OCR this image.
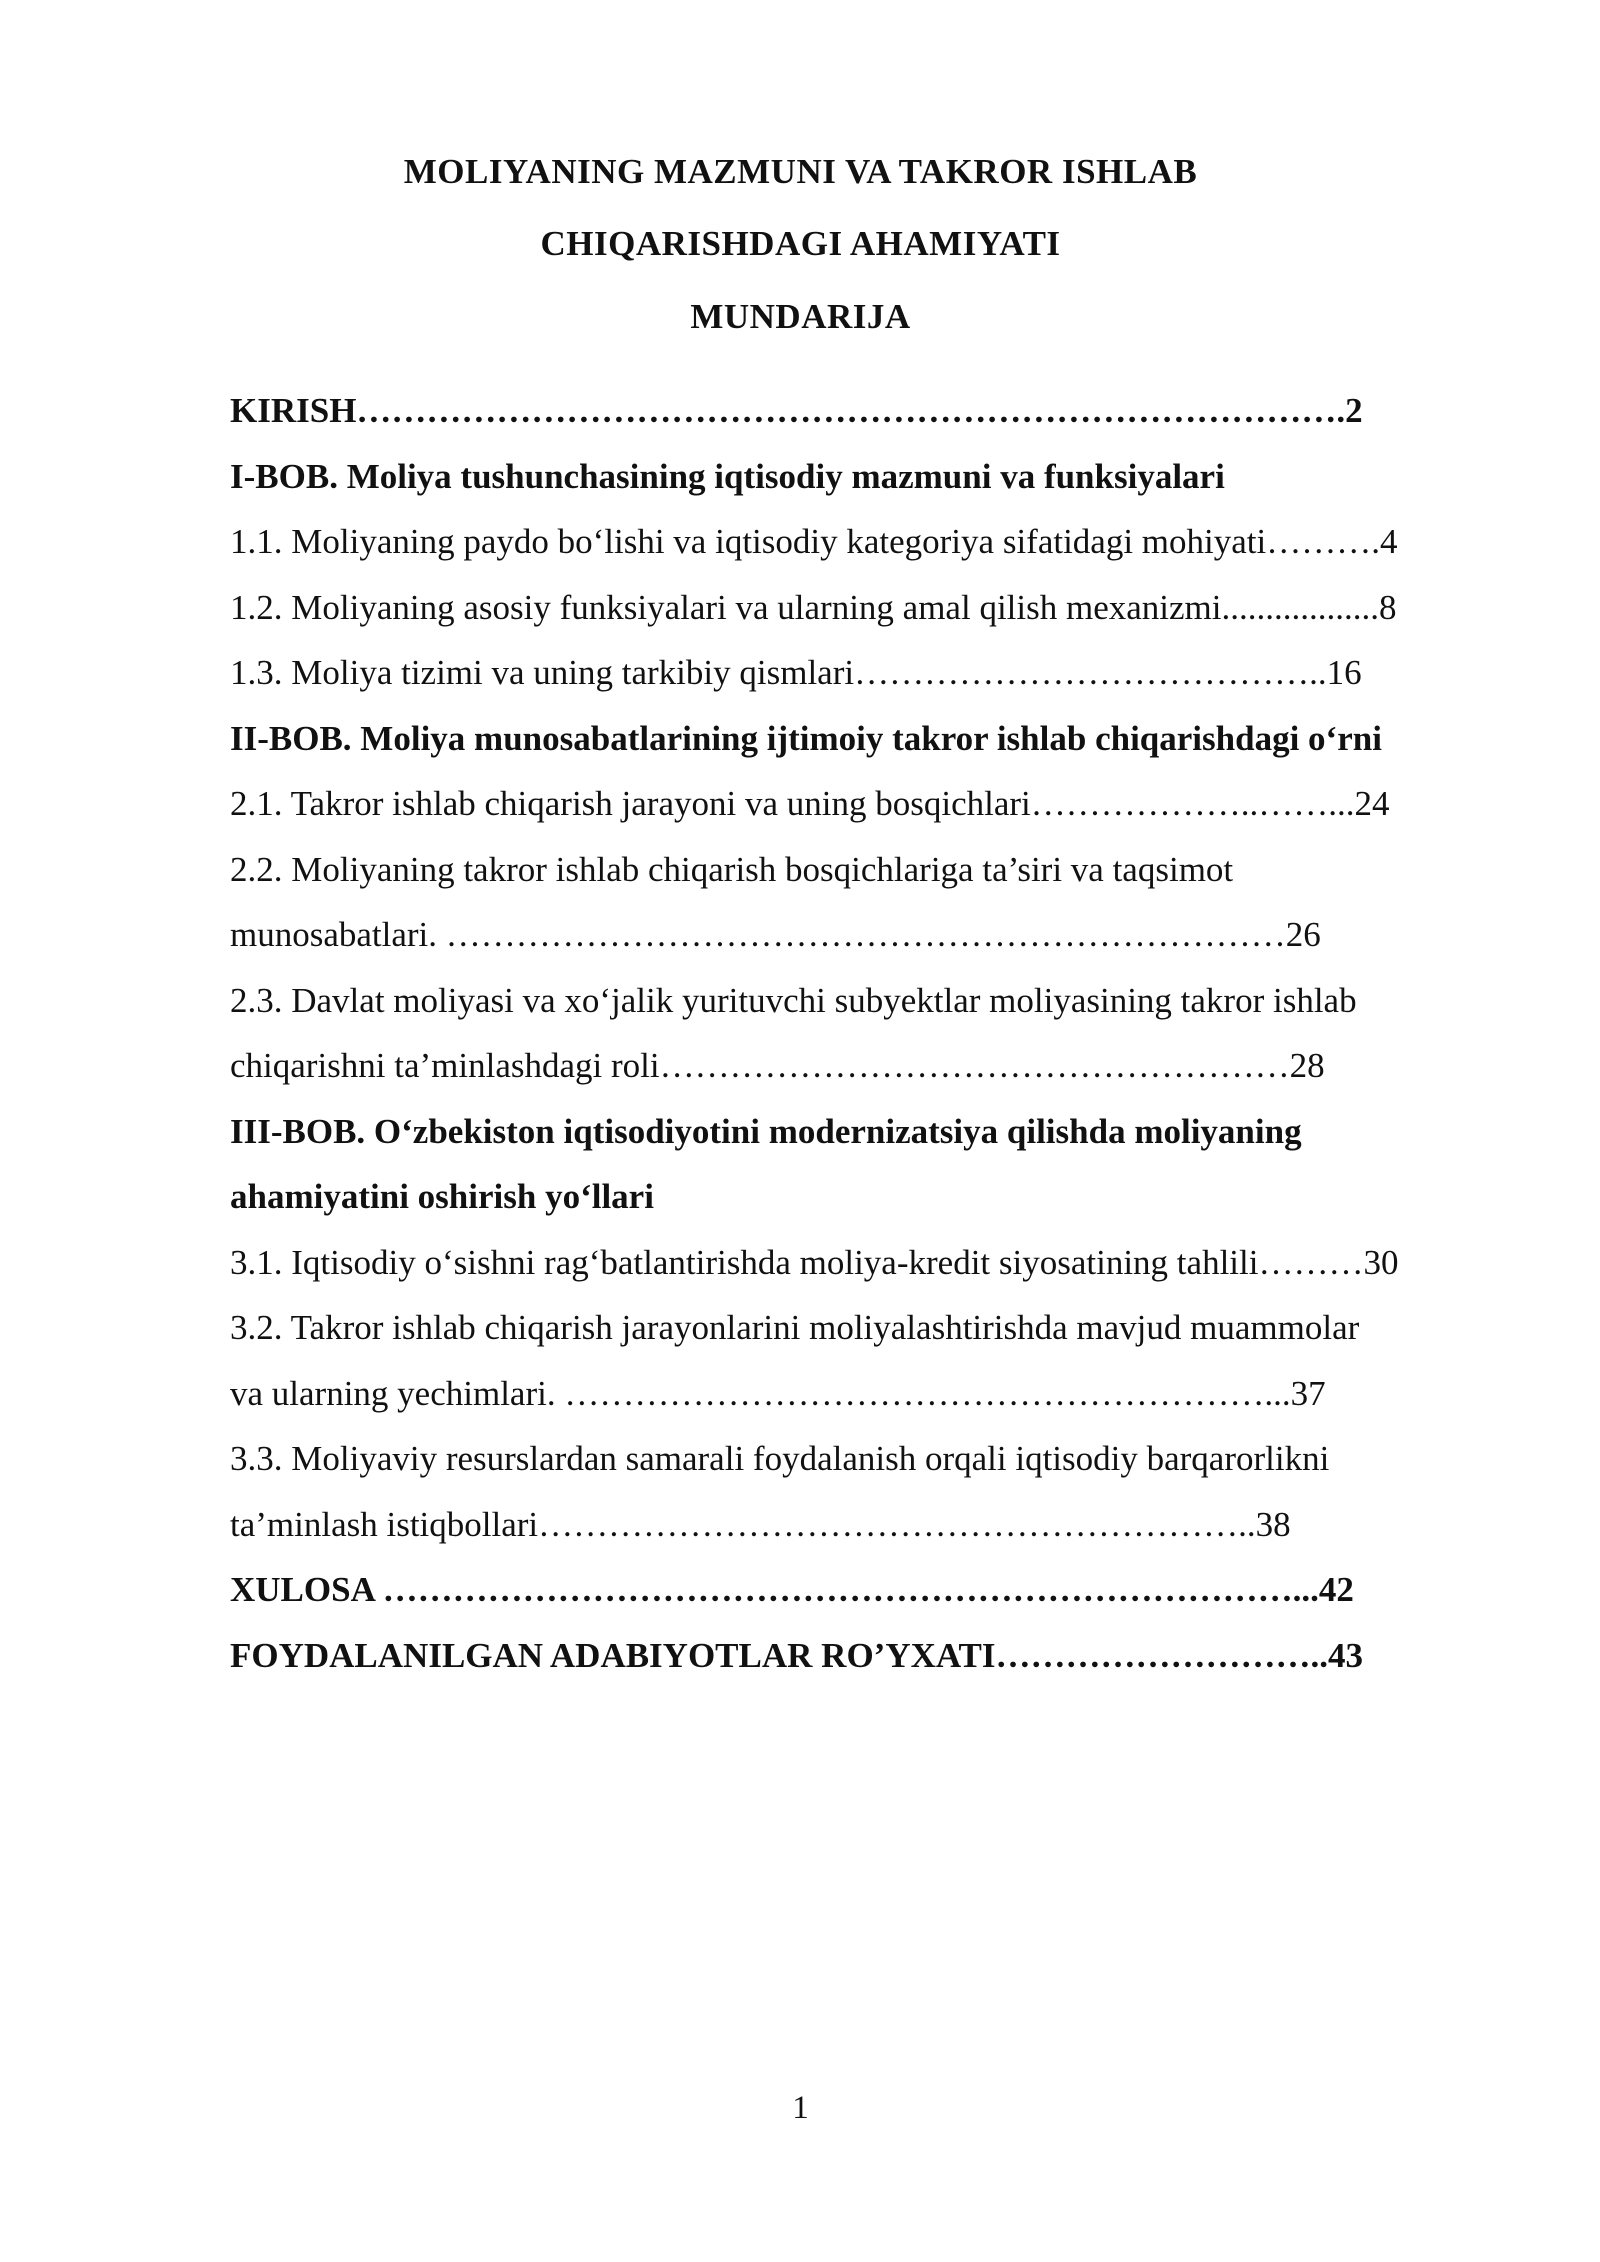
MOLIYANING MAZMUNI VA TAKROR ISHLAB
CHIQARISHDAGI AHAMIYATI
MUNDARIJA
KIRISH………………………………………………………………………….2
I-BOB. Moliya tushunchasining iqtisodiy mazmuni va funksiyalari
1.1. Moliyaning paydo bo‘lishi va iqtisodiy kategoriya sifatidagi mohiyati……….4
1.2. Moliyaning asosiy funksiyalari va ularning amal qilish mexanizmi..................8
1.3. Moliya tizimi va uning tarkibiy qismlari…………………………………..16
II-BOB. Moliya munosabatlarining ijtimoiy takror ishlab chiqarishdagi o‘rni
2.1. Takror ishlab chiqarish jarayoni va uning bosqichlari………………..……...24
2.2. Moliyaning takror ishlab chiqarish bosqichlariga ta’siri va taqsimot
munosabatlari. ………………………………………………………………26
2.3. Davlat moliyasi va xo‘jalik yurituvchi subyektlar moliyasining takror ishlab
chiqarishni ta’minlashdagi roli………………………………………………28
III-BOB. O‘zbekiston iqtisodiyotini modernizatsiya qilishda moliyaning
ahamiyatini oshirish yo‘llari
3.1. Iqtisodiy o‘sishni rag‘batlantirishda moliya-kredit siyosatining tahlili………30
3.2. Takror ishlab chiqarish jarayonlarini moliyalashtirishda mavjud muammolar
va ularning yechimlari. ……………………………………………………...37
3.3. Moliyaviy resurslardan samarali foydalanish orqali iqtisodiy barqarorlikni
ta’minlash istiqbollari……………………………………………………..38
XULOSA ……………………………………………………………………...42
FOYDALANILGAN ADABIYOTLAR RO’YXATI………………………..43
1
